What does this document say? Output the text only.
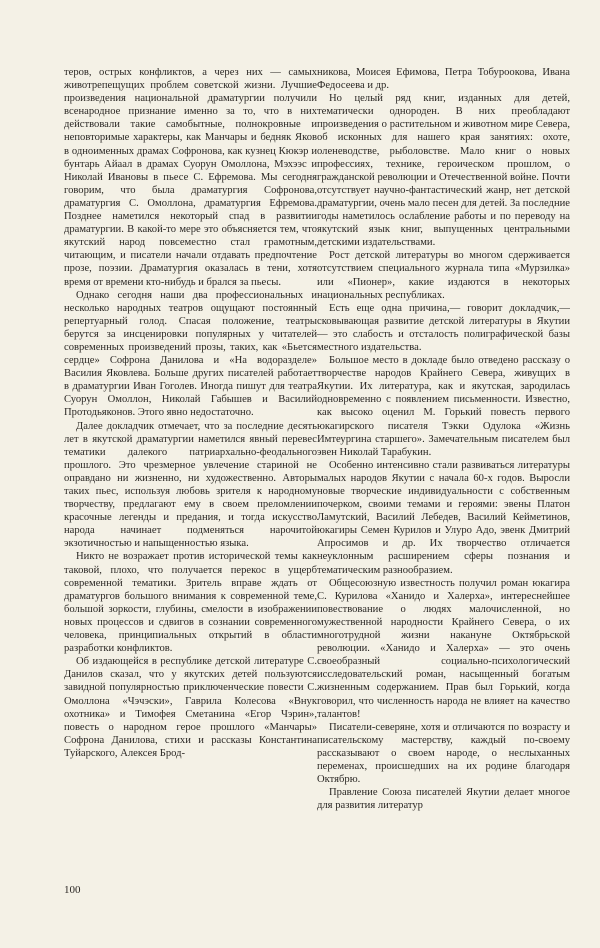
теров, острых конфликтов, а через них — самых животрепещущих проблем советской жизни. Лучшие произведения национальной драматургии получили всенародное признание именно за то, что в них действовали такие самобытные, полнокровные и неповторимые характеры, как Манчары и бедняк Яков в одноименных драмах Софронова, как кузнец Кюкэр и бунтарь Айаал в драмах Суорун Омоллона, Мэхээс и Николай Ивановы в пьесе С. Ефремова. Мы сегодня говорим, что была драматургия Софронова, драматургия С. Омоллона, драматургия Ефремова. Позднее наметился некоторый спад в развитии драматургии. В какой-то мере это объясняется тем, что якутский народ повсеместно стал грамотным, читающим, и писатели начали отдавать предпочтение прозе, поэзии. Драматургия оказалась в тени, хотя время от времени кто-нибудь и брался за пьесы.

Однако сегодня наши два профессиональных и несколько народных театров ощущают постоянный репертуарный голод. Спасая положение, театры берутся за инсценировки популярных у читателей современных произведений прозы, таких, как «Бьется сердце» Софрона Данилова и «На водоразделе» Василия Яковлева. Больше других писателей работает в драматургии Иван Гоголев. Иногда пишут для театра Суорун Омоллон, Николай Габышев и Василий Протодьяконов. Этого явно недостаточно.

Далее докладчик отмечает, что за последние десять лет в якутской драматургии наметился явный перевес тематики далекого патриархально-феодального прошлого. Это чрезмерное увлечение стариной не оправдано ни жизненно, ни художественно. Авторы таких пьес, используя любовь зрителя к народному творчеству, предлагают ему в своем преломлении красочные легенды и предания, и тогда искусство народа начинает подменяться нарочитой экзотичностью и напыщенностью языка.

Никто не возражает против исторической темы как таковой, плохо, что получается перекос в ущерб современной тематики. Зритель вправе ждать от драматургов большого внимания к современной теме, большой зоркости, глубины, смелости в изображении новых процессов и сдвигов в сознании современного человека, принципиальных открытий в области разработки конфликтов.

Об издающейся в республике детской литературе С. Данилов сказал, что у якутских детей пользуются завидной популярностью приключенческие повести С. Омоллона «Чэчэски», Гаврила Колесова «Внук охотника» и Тимофея Сметанина «Егор Чэрин», повесть о народном герое прошлого «Манчары» Софрона Данилова, стихи и рассказы Константина Туйарского, Алексея Брод-

никова, Моисея Ефимова, Петра Тобуроокова, Ивана Федосеева и др.

Но целый ряд книг, изданных для детей, тематически однороден. В них преобладают произведения о растительном и животном мире Севера, об исконных для нашего края занятиях: охоте, оленеводстве, рыболовстве. Мало книг о новых профессиях, технике, героическом прошлом, о гражданской революции и Отечественной войне. Почти отсутствует научно-фантастический жанр, нет детской драматургии, очень мало песен для детей. За последние годы наметилось ослабление работы и по переводу на якутский язык книг, выпущенных центральными детскими издательствами.

Рост детской литературы во многом сдерживается отсутствием специального журнала типа «Мурзилка» или «Пионер», какие издаются в некоторых национальных республиках.

Есть еще одна причина,— говорит докладчик,— сковывающая развитие детской литературы в Якутии — это слабость и отсталость полиграфической базы местного издательства.

Большое место в докладе было отведено рассказу о творчестве народов Крайнего Севера, живущих в Якутии. Их литература, как и якутская, зародилась одновременно с появлением письменности. Известно, как высоко оценил М. Горький повесть первого юкагирского писателя Тэкки Одулока «Жизнь Имтеургина старшего». Замечательным писателем был эвен Николай Тарабукин.

Особенно интенсивно стали развиваться литературы малых народов Якутии с начала 60-х годов. Выросли новые творческие индивидуальности с собственным почерком, своими темами и героями: эвены Платон Ламутский, Василий Лебедев, Василий Кейметинов, юкагиры Семен Курилов и Улуро Адо, эвенк Дмитрий Апросимов и др. Их творчество отличается неуклонным расширением сферы познания и тематическим разнообразием.

Общесоюзную известность получил роман юкагира С. Курилова «Ханидо и Халерха», интереснейшее повествование о людях малочисленной, но мужественной народности Крайнего Севера, о их многотрудной жизни накануне Октябрьской революции. «Ханидо и Халерха» — это очень своеобразный социально-психологический исследовательский роман, насыщенный богатым жизненным содержанием. Прав был Горький, когда говорил, что численность народа не влияет на качество талантов!

Писатели-северяне, хотя и отличаются по возрасту и писательскому мастерству, каждый по-своему рассказывают о своем народе, о неслыханных переменах, происшедших на их родине благодаря Октябрю.

Правление Союза писателей Якутии делает многое для развития литератур

100
